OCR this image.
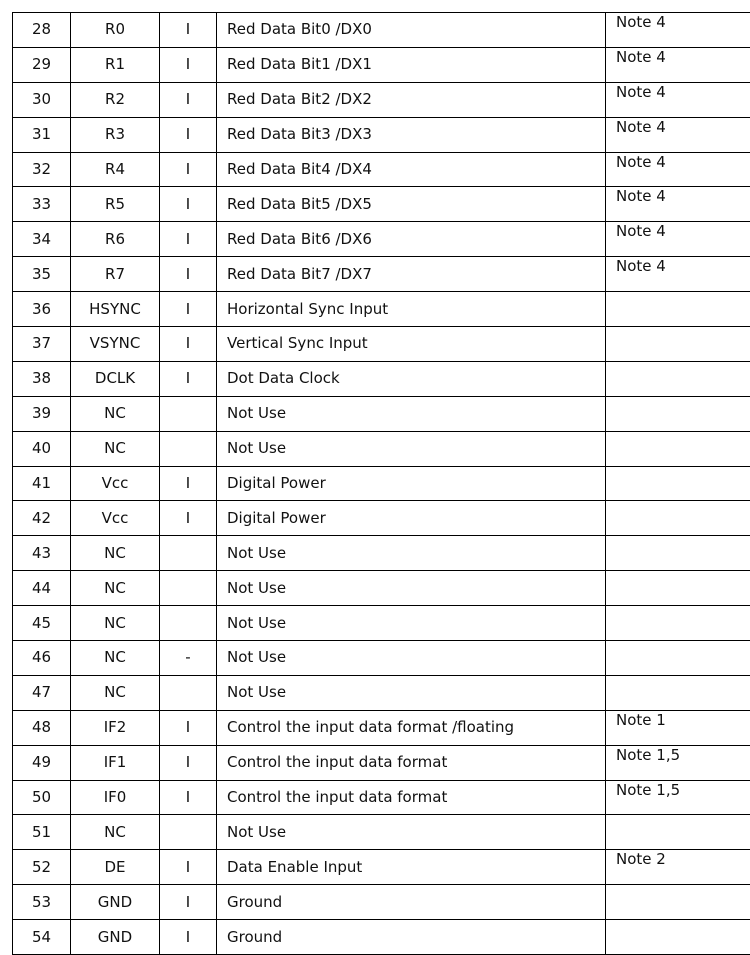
28	R0	I	Red Data Bit0 /DX0	Note 4
29	R1	I	Red Data Bit1 /DX1	Note 4
30	R2	I	Red Data Bit2 /DX2	Note 4
31	R3	I	Red Data Bit3 /DX3	Note 4
32	R4	I	Red Data Bit4 /DX4	Note 4
33	R5	I	Red Data Bit5 /DX5	Note 4
34	R6	I	Red Data Bit6 /DX6	Note 4
35	R7	I	Red Data Bit7 /DX7	Note 4
36	HSYNC	I	Horizontal Sync Input	
37	VSYNC	I	Vertical Sync Input	
38	DCLK	I	Dot Data Clock	
39	NC		Not Use	
40	NC		Not Use	
41	Vcc	I	Digital Power	
42	Vcc	I	Digital Power	
43	NC		Not Use	
44	NC		Not Use	
45	NC		Not Use	
46	NC	-	Not Use	
47	NC		Not Use	
48	IF2	I	Control the input data format /floating	Note 1
49	IF1	I	Control the input data format	Note 1,5
50	IF0	I	Control the input data format	Note 1,5
51	NC		Not Use	
52	DE	I	Data Enable Input	Note 2
53	GND	I	Ground	
54	GND	I	Ground	
